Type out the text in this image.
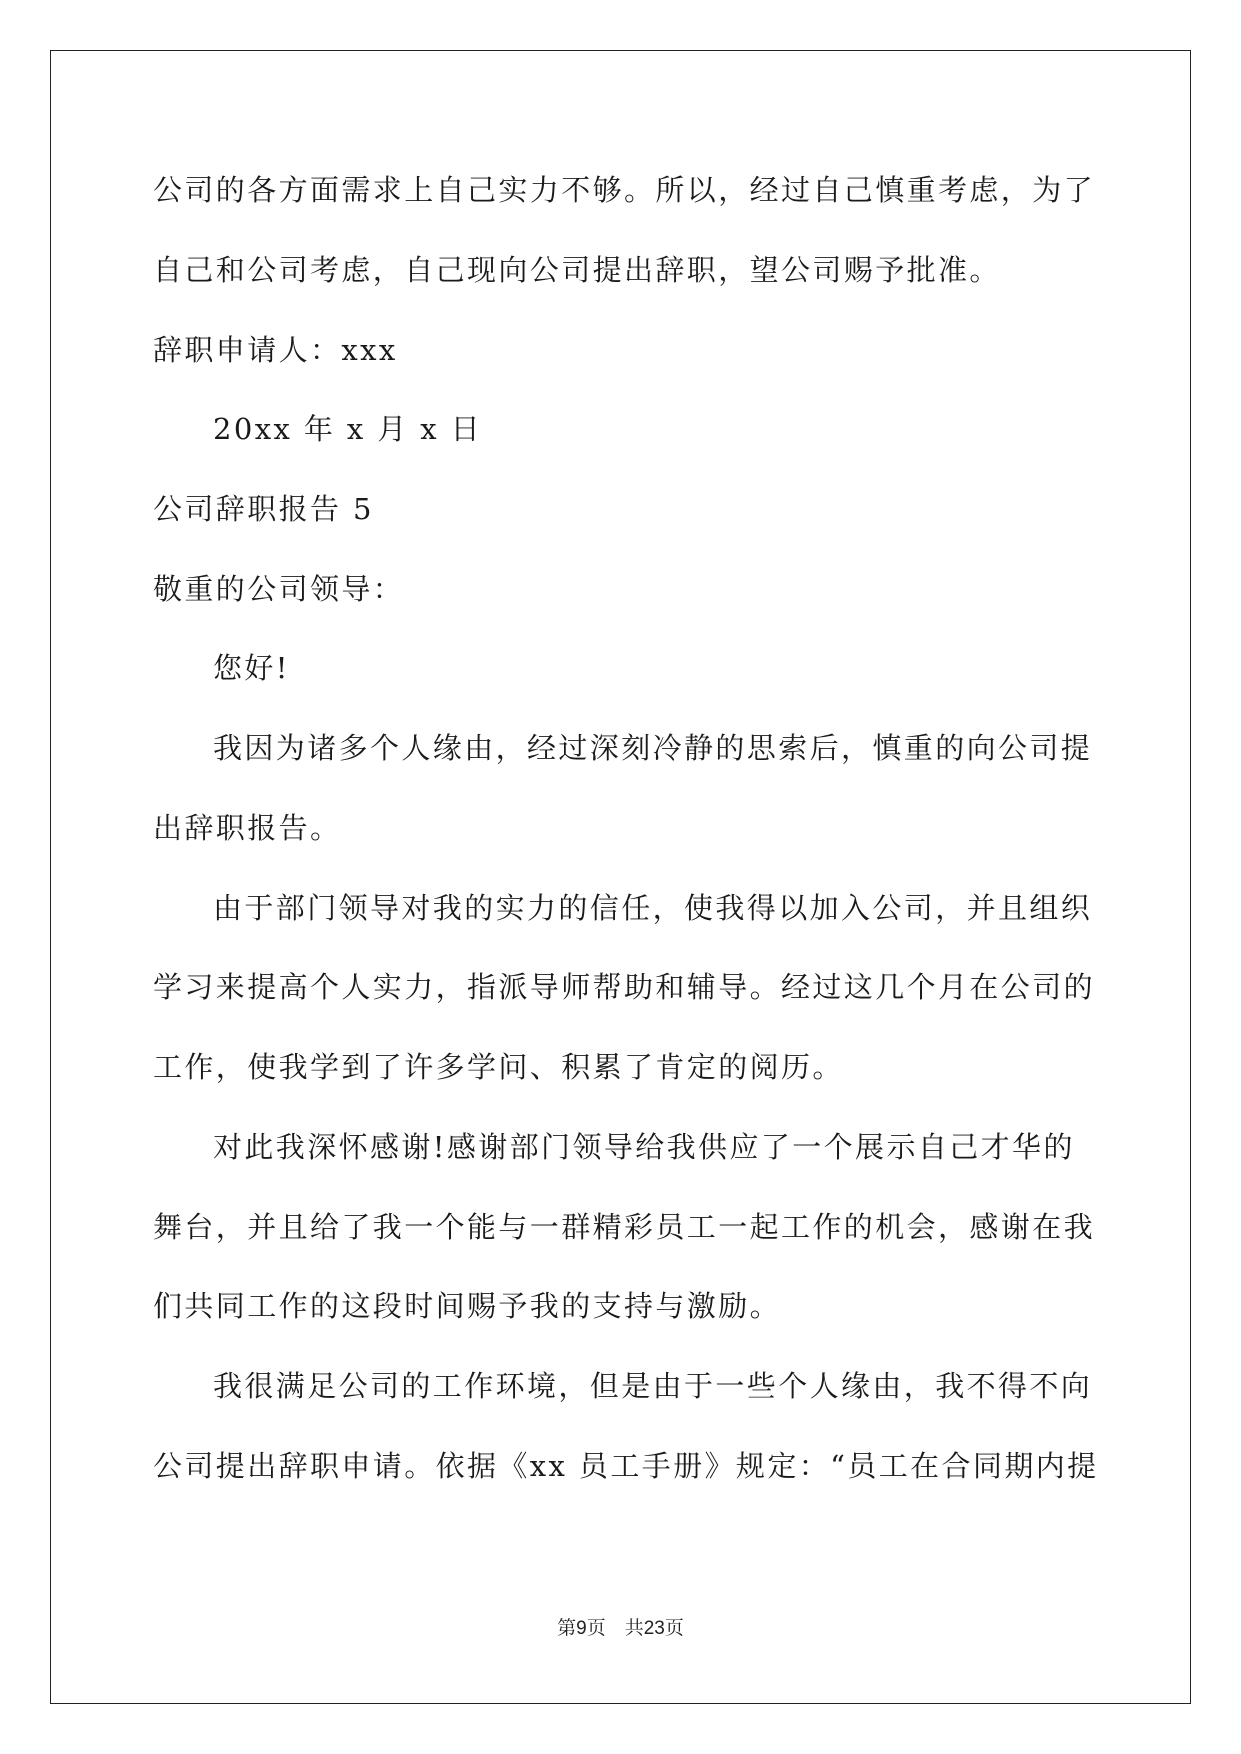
公司的各方面需求上自己实力不够。所以，经过自己慎重考虑，为了
自己和公司考虑，自己现向公司提出辞职，望公司赐予批准。
辞职申请人：xxx
20xx 年 x 月 x 日
公司辞职报告 5
敬重的公司领导：
您好!
我因为诸多个人缘由，经过深刻冷静的思索后，慎重的向公司提
出辞职报告。
由于部门领导对我的实力的信任，使我得以加入公司，并且组织
学习来提高个人实力，指派导师帮助和辅导。经过这几个月在公司的
工作，使我学到了许多学问、积累了肯定的阅历。
对此我深怀感谢!感谢部门领导给我供应了一个展示自己才华的
舞台，并且给了我一个能与一群精彩员工一起工作的机会，感谢在我
们共同工作的这段时间赐予我的支持与激励。
我很满足公司的工作环境，但是由于一些个人缘由，我不得不向
公司提出辞职申请。依据《xx 员工手册》规定：“员工在合同期内提
第9页　共23页
